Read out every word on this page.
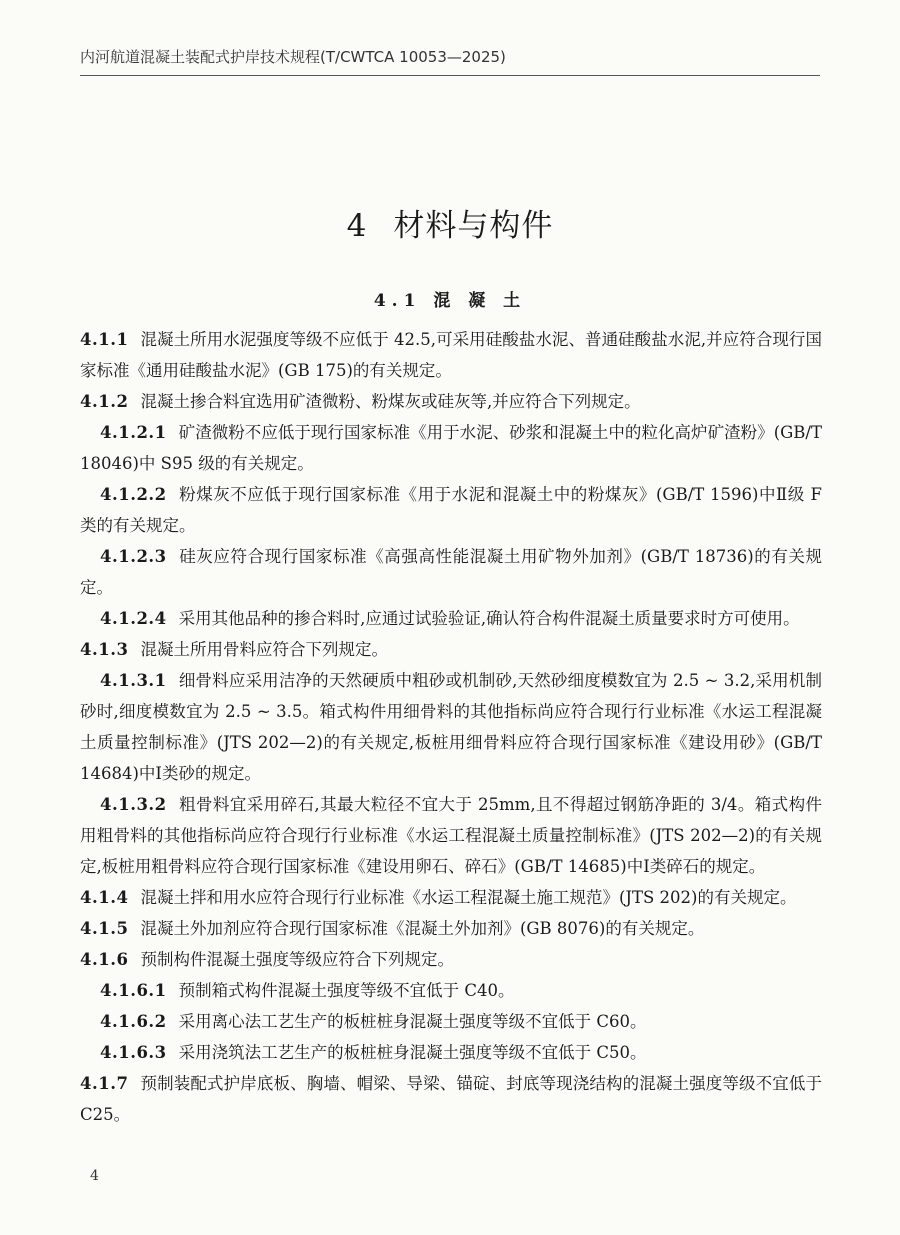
内河航道混凝土装配式护岸技术规程(T/CWTCA 10053—2025)
4 材料与构件
4.1 混 凝 土

4.1.1 混凝土所用水泥强度等级不应低于 42.5,可采用硅酸盐水泥、普通硅酸盐水泥,并应符合现行国家标准《通用硅酸盐水泥》(GB 175)的有关规定。

4.1.2 混凝土掺合料宜选用矿渣微粉、粉煤灰或硅灰等,并应符合下列规定。

4.1.2.1 矿渣微粉不应低于现行国家标准《用于水泥、砂浆和混凝土中的粒化高炉矿渣粉》(GB/T 18046)中 S95 级的有关规定。

4.1.2.2 粉煤灰不应低于现行国家标准《用于水泥和混凝土中的粉煤灰》(GB/T 1596)中Ⅱ级 F 类的有关规定。

4.1.2.3 硅灰应符合现行国家标准《高强高性能混凝土用矿物外加剂》(GB/T 18736)的有关规定。

4.1.2.4 采用其他品种的掺合料时,应通过试验验证,确认符合构件混凝土质量要求时方可使用。

4.1.3 混凝土所用骨料应符合下列规定。

4.1.3.1 细骨料应采用洁净的天然硬质中粗砂或机制砂,天然砂细度模数宜为 2.5 ~ 3.2,采用机制砂时,细度模数宜为 2.5 ~ 3.5。箱式构件用细骨料的其他指标尚应符合现行行业标准《水运工程混凝土质量控制标准》(JTS 202—2)的有关规定,板桩用细骨料应符合现行国家标准《建设用砂》(GB/T 14684)中Ⅰ类砂的规定。

4.1.3.2 粗骨料宜采用碎石,其最大粒径不宜大于 25mm,且不得超过钢筋净距的 3/4。箱式构件用粗骨料的其他指标尚应符合现行行业标准《水运工程混凝土质量控制标准》(JTS 202—2)的有关规定,板桩用粗骨料应符合现行国家标准《建设用卵石、碎石》(GB/T 14685)中Ⅰ类碎石的规定。

4.1.4 混凝土拌和用水应符合现行行业标准《水运工程混凝土施工规范》(JTS 202)的有关规定。

4.1.5 混凝土外加剂应符合现行国家标准《混凝土外加剂》(GB 8076)的有关规定。

4.1.6 预制构件混凝土强度等级应符合下列规定。

4.1.6.1 预制箱式构件混凝土强度等级不宜低于 C40。

4.1.6.2 采用离心法工艺生产的板桩桩身混凝土强度等级不宜低于 C60。

4.1.6.3 采用浇筑法工艺生产的板桩桩身混凝土强度等级不宜低于 C50。

4.1.7 预制装配式护岸底板、胸墙、帽梁、导梁、锚碇、封底等现浇结构的混凝土强度等级不宜低于 C25。

4
